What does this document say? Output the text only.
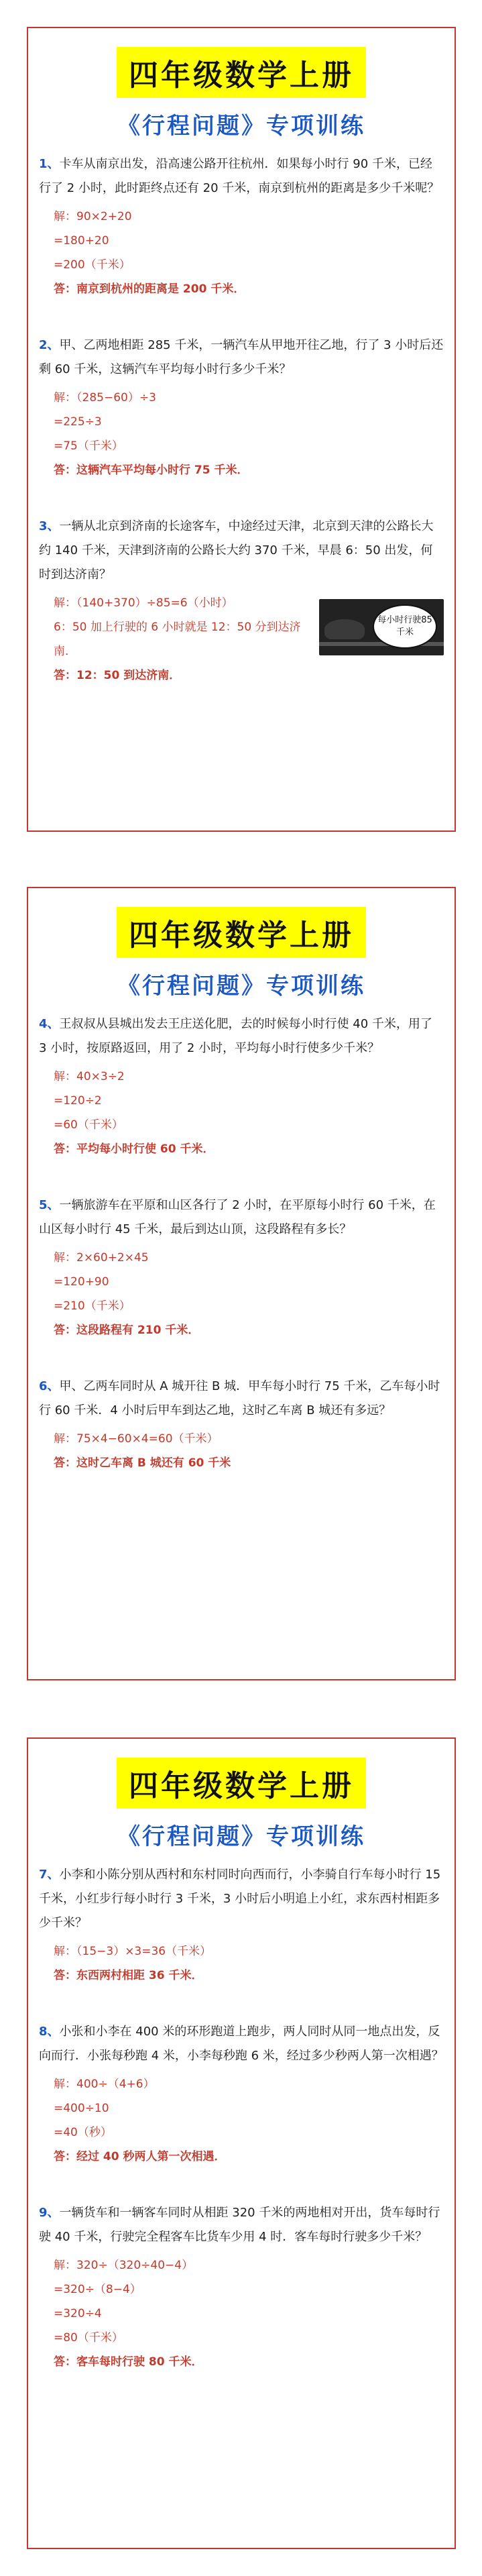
四年级数学上册
《行程问题》专项训练
1、卡车从南京出发，沿高速公路开往杭州．如果每小时行 90 千米，已经行了 2 小时，此时距终点还有 20 千米，南京到杭州的距离是多少千米呢？
解：90×2+20
=180+20
=200（千米）
答：南京到杭州的距离是 200 千米．
2、甲、乙两地相距 285 千米，一辆汽车从甲地开往乙地，行了 3 小时后还剩 60 千米，这辆汽车平均每小时行多少千米？
解：（285−60）÷3
=225÷3
=75（千米）
答：这辆汽车平均每小时行 75 千米．
3、一辆从北京到济南的长途客车，中途经过天津，北京到天津的公路长大约 140 千米，天津到济南的公路长大约 370 千米，早晨 6：50 出发，何时到达济南？
每小时行驶85千米
解：（140+370）÷85=6（小时）
6：50 加上行驶的 6 小时就是 12：50 分到达济南．
答：12：50 到达济南．
四年级数学上册
《行程问题》专项训练
4、王叔叔从县城出发去王庄送化肥，去的时候每小时行使 40 千米，用了 3 小时，按原路返回，用了 2 小时，平均每小时行使多少千米？
解：40×3÷2
=120÷2
=60（千米）
答：平均每小时行使 60 千米．
5、一辆旅游车在平原和山区各行了 2 小时，在平原每小时行 60 千米，在山区每小时行 45 千米，最后到达山顶，这段路程有多长？
解：2×60+2×45
=120+90
=210（千米）
答：这段路程有 210 千米．
6、甲、乙两车同时从 A 城开往 B 城．甲车每小时行 75 千米，乙车每小时行 60 千米．4 小时后甲车到达乙地，这时乙车离 B 城还有多远？
解：75×4−60×4=60（千米）
答：这时乙车离 B 城还有 60 千米
四年级数学上册
《行程问题》专项训练
7、小李和小陈分别从西村和东村同时向西而行，小李骑自行车每小时行 15 千米，小红步行每小时行 3 千米，3 小时后小明追上小红，求东西村相距多少千米？
解：（15−3）×3=36（千米）
答：东西两村相距 36 千米．
8、小张和小李在 400 米的环形跑道上跑步，两人同时从同一地点出发，反向而行．小张每秒跑 4 米，小李每秒跑 6 米，经过多少秒两人第一次相遇？
解：400÷（4+6）
=400÷10
=40（秒）
答：经过 40 秒两人第一次相遇．
9、一辆货车和一辆客车同时从相距 320 千米的两地相对开出，货车每时行驶 40 千米，行驶完全程客车比货车少用 4 时．客车每时行驶多少千米？
解：320÷（320÷40−4）
=320÷（8−4）
=320÷4
=80（千米）
答：客车每时行驶 80 千米．
